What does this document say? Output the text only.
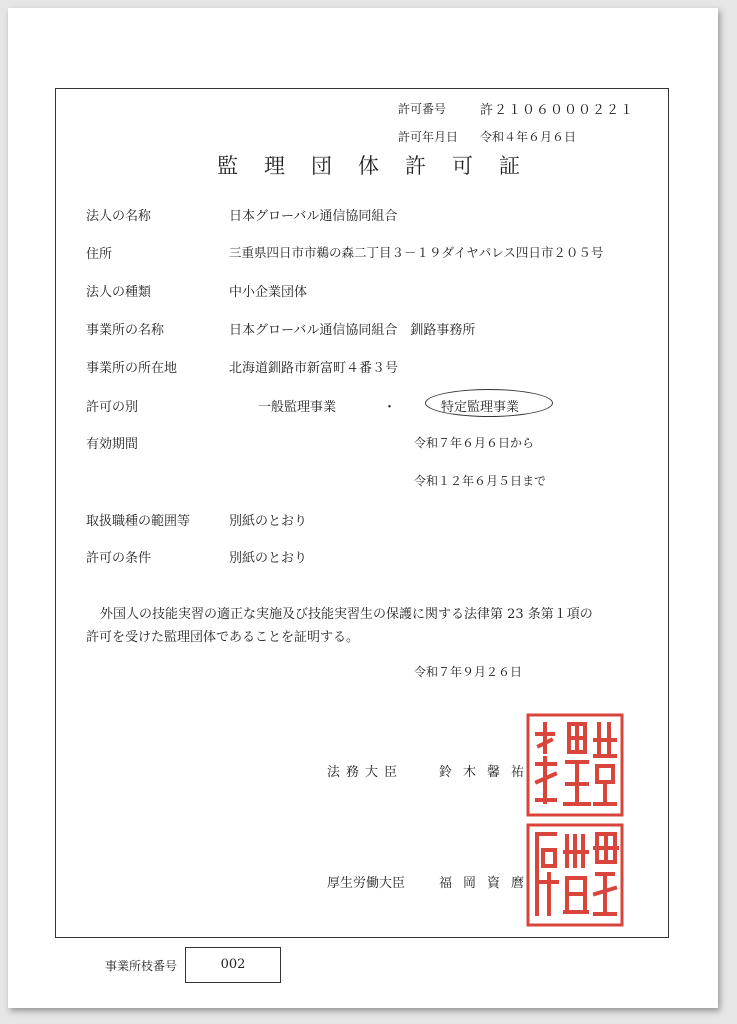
許可番号	許２１０６０００２２１
許可年月日 令和４年６月６日
監理団体許可証
法人の名称	日本グローバル通信協同組合
住所	三重県四日市市鵜の森二丁目３－１９ダイヤパレス四日市２０５号
法人の種類	中小企業団体
事業所の名称	日本グローバル通信協同組合　釧路事務所
事業所の所在地	北海道釧路市新富町４番３号
許可の別	一般監理事業	・	特定監理事業
有効期間	令和７年６月６日から
令和１２年６月５日まで
取扱職種の範囲等	別紙のとおり
許可の条件	別紙のとおり
外国人の技能実習の適正な実施及び技能実習生の保護に関する法律第 23 条第１項の
許可を受けた監理団体であることを証明する。
令和７年９月２６日
法務大臣	鈴木馨祐
厚生労働大臣	福岡資麿
事業所枝番号	002
